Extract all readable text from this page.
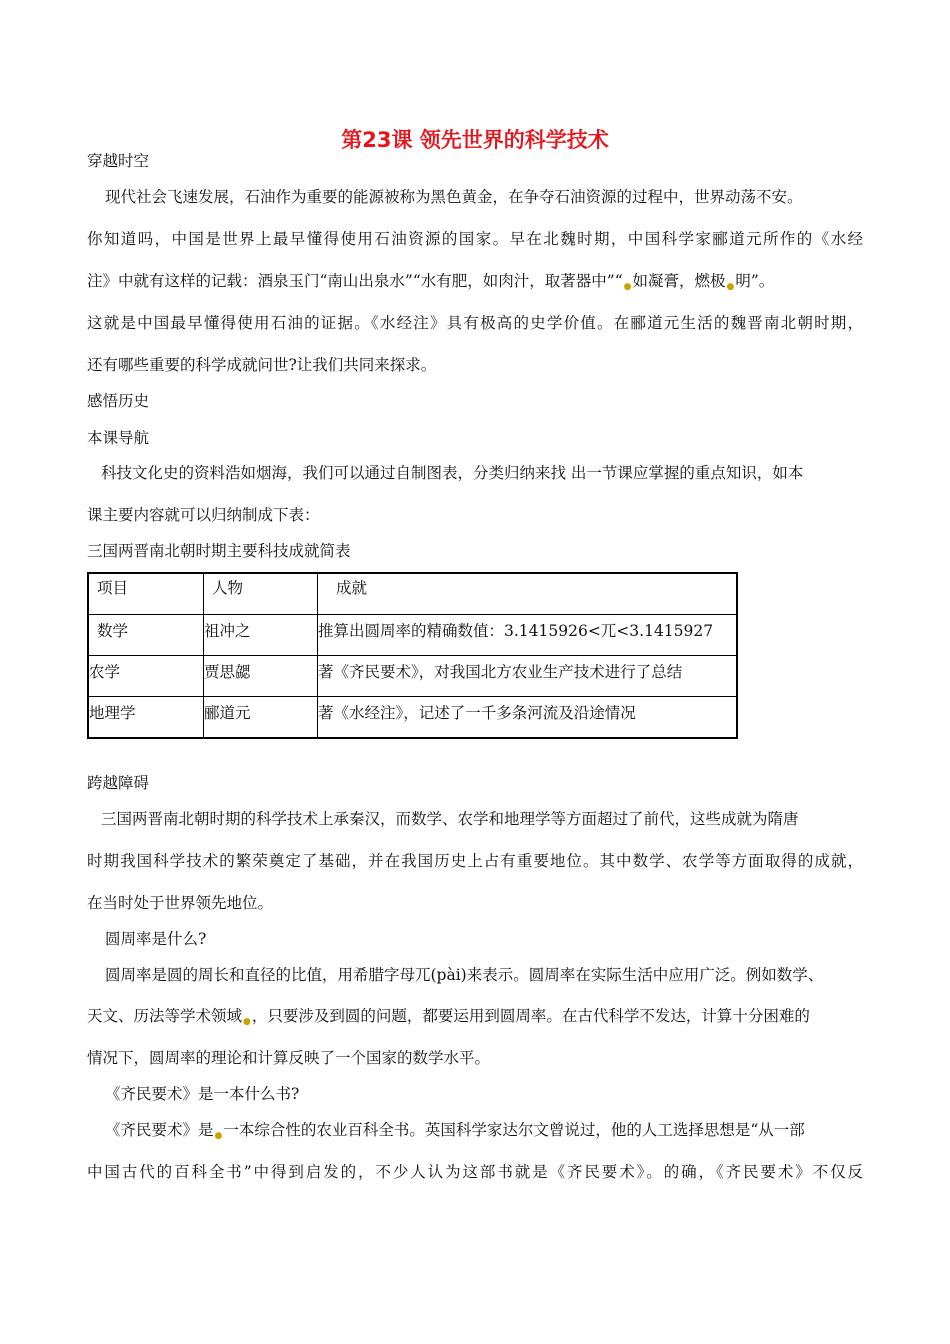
第23课 领先世界的科学技术
穿越时空
现代社会飞速发展，石油作为重要的能源被称为黑色黄金，在争夺石油资源的过程中，世界动荡不安。
你知道吗，中国是世界上最早懂得使用石油资源的国家。早在北魏时期，中国科学家郦道元所作的《水经
注》中就有这样的记载：酒泉玉门“南山出泉水”“水有肥，如肉汁，取著器中”“●如凝膏，燃极●明”。
这就是中国最早懂得使用石油的证据。《水经注》具有极高的史学价值。在郦道元生活的魏晋南北朝时期，
还有哪些重要的科学成就问世?让我们共同来探求。
感悟历史
本课导航
科技文化史的资料浩如烟海，我们可以通过自制图表，分类归纳来找 出一节课应掌握的重点知识，如本
课主要内容就可以归纳制成下表：
三国两晋南北朝时期主要科技成就简表
项目	人物	成就
数学	祖冲之	推算出圆周率的精确数值：3.1415926<兀<3.1415927
农学	贾思勰	著《齐民要术》，对我国北方农业生产技术进行了总结
地理学	郦道元	著《水经注》，记述了一千多条河流及沿途情况
跨越障碍
三国两晋南北朝时期的科学技术上承秦汉，而数学、农学和地理学等方面超过了前代，这些成就为隋唐
时期我国科学技术的繁荣奠定了基础，并在我国历史上占有重要地位。其中数学、农学等方面取得的成就，
在当时处于世界领先地位。
圆周率是什么?
圆周率是圆的周长和直径的比值，用希腊字母兀(pài)来表示。圆周率在实际生活中应用广泛。例如数学、
天文、历法等学术领域●，只要涉及到圆的问题，都要运用到圆周率。在古代科学不发达，计算十分困难的
情况下，圆周率的理论和计算反映了一个国家的数学水平。
《齐民要术》是一本什么书?
《齐民要术》是●一本综合性的农业百科全书。英国科学家达尔文曾说过，他的人工选择思想是“从一部
中国古代的百科全书”中得到启发的，不少人认为这部书就是《齐民要术》。的确，《齐民要术》不仅反
